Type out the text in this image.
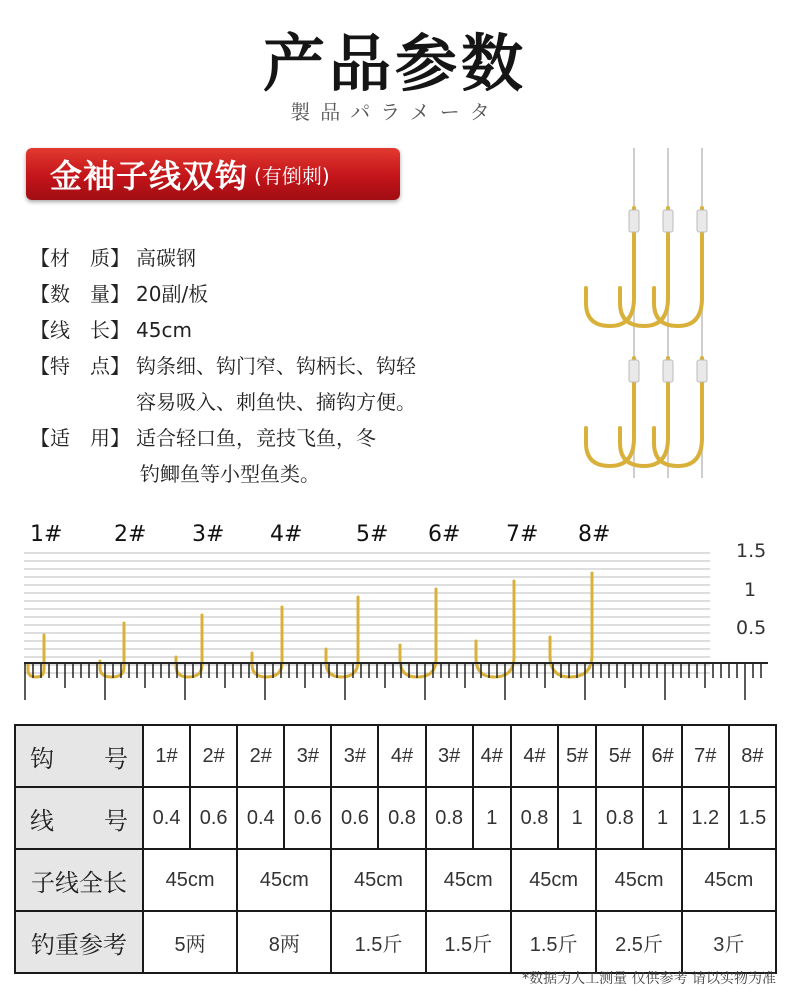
产品参数
製品パラメータ
金袖子线双钩 (有倒刺)
【材　质】 高碳钢
【数　量】 20副/板
【线　长】 45cm
【特　点】 钩条细、钩门窄、钩柄长、钩轻
容易吸入、刺鱼快、摘钩方便。
【适　用】 适合轻口鱼，竞技飞鱼，冬
钓鲫鱼等小型鱼类。
1# 2# 3# 4# 5# 6# 7# 8#
1.5
1
0.5
钩 号	1#	2#	2#	3#	3#	4#	3#	4#	4#	5#	5#	6#	7#	8#

线 号	0.4	0.6	0.4	0.6	0.6	0.8	0.8	1	0.8	1	0.8	1	1.2	1.5
子线全长	45cm		45cm		45cm		45cm		45cm		45cm		45cm	
钓重参考	5两		8两		1.5斤		1.5斤		1.5斤		2.5斤		3斤	
*数据为人工测量 仅供参考 请以实物为准
